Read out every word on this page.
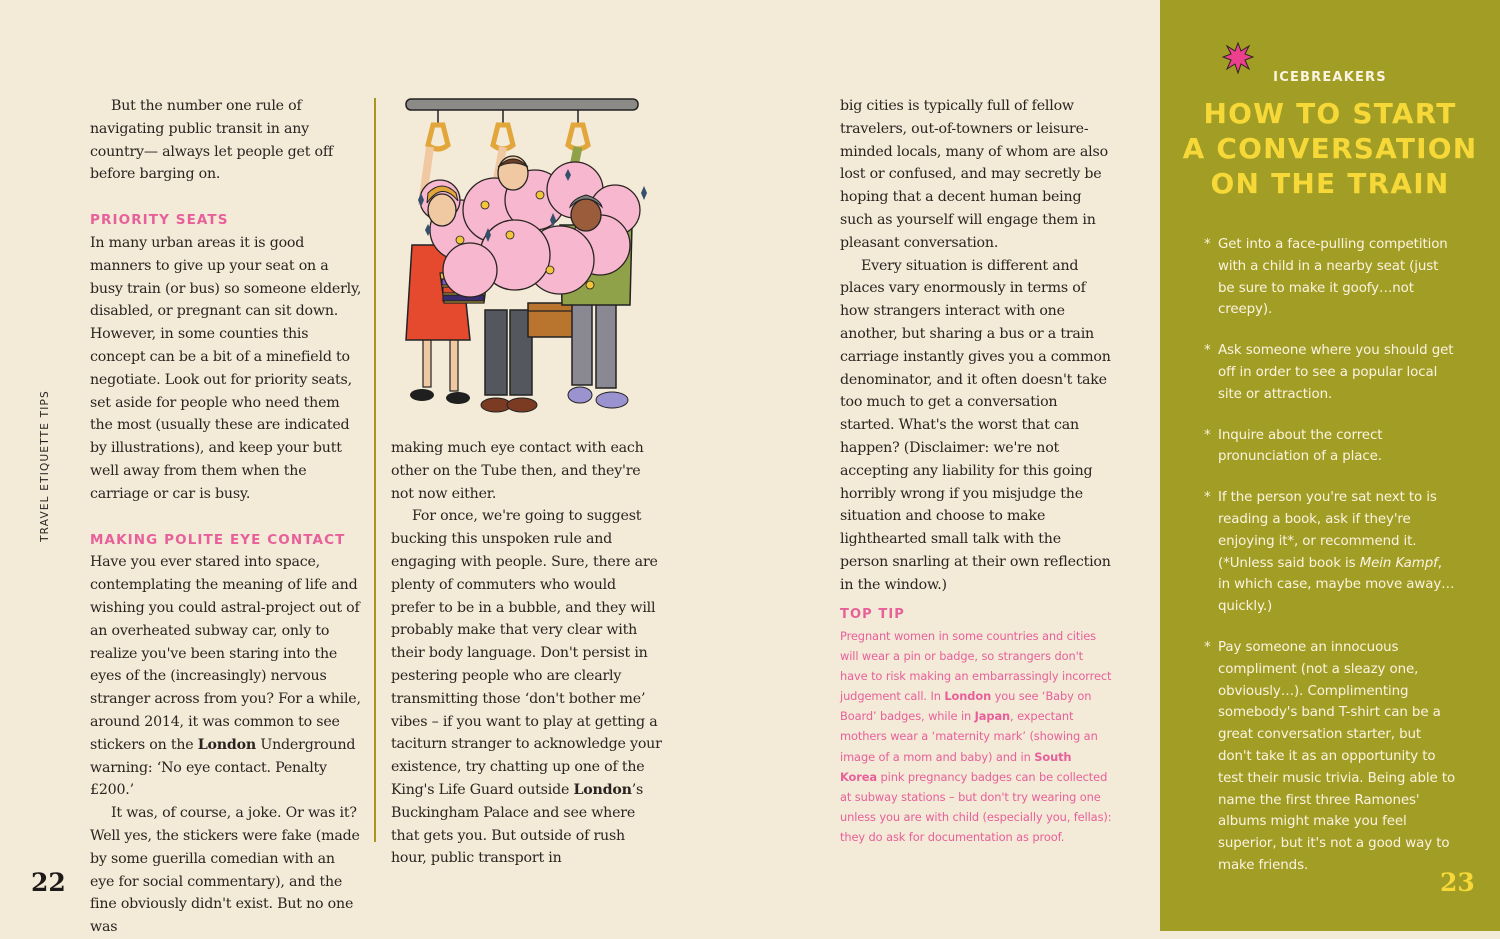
But the number one rule of navigating public transit in any country— always let people get off before barging on.

PRIORITY SEATS

In many urban areas it is good manners to give up your seat on a busy train (or bus) so someone elderly, disabled, or pregnant can sit down. However, in some counties this concept can be a bit of a minefield to negotiate. Look out for priority seats, set aside for people who need them the most (usually these are indicated by illustrations), and keep your butt well away from them when the carriage or car is busy.

MAKING POLITE EYE CONTACT

Have you ever stared into space, contemplating the meaning of life and wishing you could astral-project out of an overheated subway car, only to realize you've been staring into the eyes of the (increasingly) nervous stranger across from you? For a while, around 2014, it was common to see stickers on the London Underground warning: ‘No eye contact. Penalty £200.’

It was, of course, a joke. Or was it? Well yes, the stickers were fake (made by some guerilla comedian with an eye for social commentary), and the fine obviously didn't exist. But no one was

TRAVEL ETIQUETTE TIPS
22

making much eye contact with each other on the Tube then, and they're not now either.

For once, we're going to suggest bucking this unspoken rule and engaging with people. Sure, there are plenty of commuters who would prefer to be in a bubble, and they will probably make that very clear with their body language. Don't persist in pestering people who are clearly transmitting those ‘don't bother me’ vibes – if you want to play at getting a taciturn stranger to acknowledge your existence, try chatting up one of the King's Life Guard outside London’s Buckingham Palace and see where that gets you. But outside of rush hour, public transport in

big cities is typically full of fellow travelers, out-of-towners or leisure-minded locals, many of whom are also lost or confused, and may secretly be hoping that a decent human being such as yourself will engage them in pleasant conversation.

Every situation is different and places vary enormously in terms of how strangers interact with one another, but sharing a bus or a train carriage instantly gives you a common denominator, and it often doesn't take too much to get a conversation started. What's the worst that can happen? (Disclaimer: we're not accepting any liability for this going horribly wrong if you misjudge the situation and choose to make lighthearted small talk with the person snarling at their own reflection in the window.)

TOP TIP
Pregnant women in some countries and cities will wear a pin or badge, so strangers don't have to risk making an embarrassingly incorrect judgement call. In London you see ‘Baby on Board’ badges, while in Japan, expectant mothers wear a ‘maternity mark’ (showing an image of a mom and baby) and in South Korea pink pregnancy badges can be collected at subway stations – but don't try wearing one unless you are with child (especially you, fellas): they do ask for documentation as proof.
ICEBREAKERS
HOW TO START
A CONVERSATION
ON THE TRAIN
* Get into a face-pulling competition with a child in a nearby seat (just be sure to make it goofy…not creepy).
* Ask someone where you should get off in order to see a popular local site or attraction.
* Inquire about the correct pronunciation of a place.
* If the person you're sat next to is reading a book, ask if they're enjoying it*, or recommend it. (*Unless said book is Mein Kampf, in which case, maybe move away…quickly.)
* Pay someone an innocuous compliment (not a sleazy one, obviously…). Complimenting somebody's band T-shirt can be a great conversation starter, but don't take it as an opportunity to test their music trivia. Being able to name the first three Ramones' albums might make you feel superior, but it's not a good way to make friends.
23
